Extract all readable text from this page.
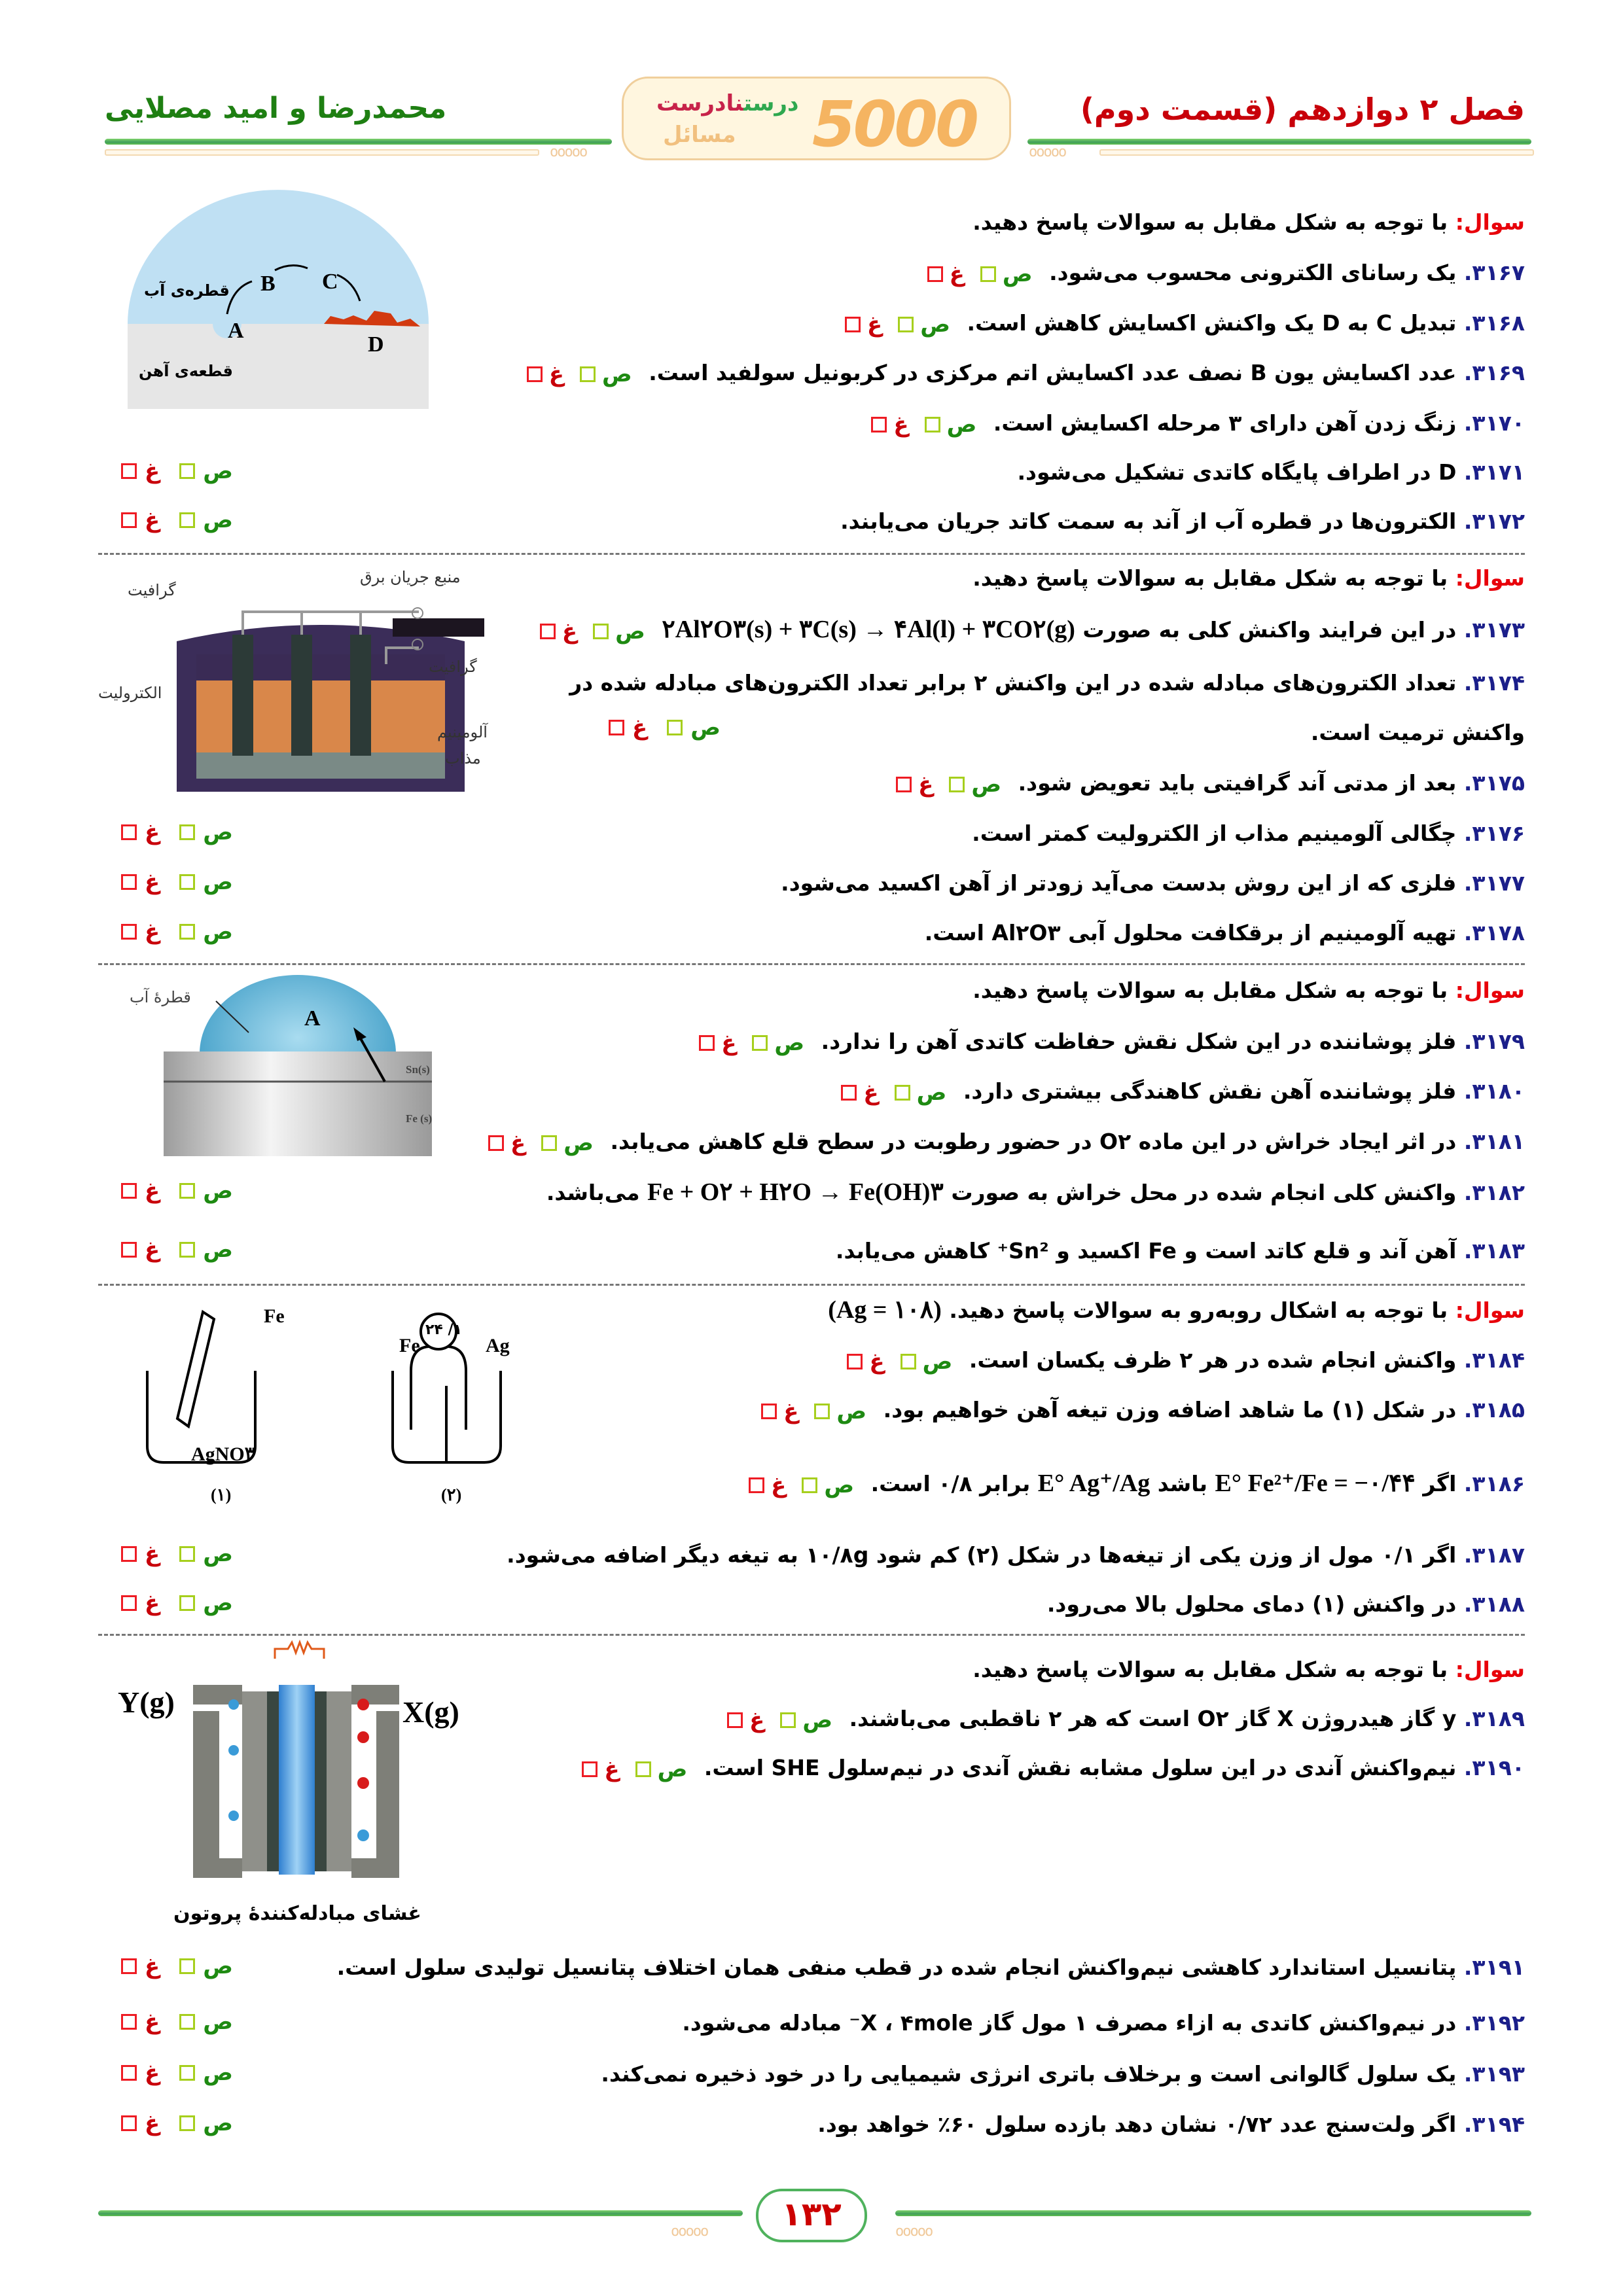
فصل ۲ دوازدهم (قسمت دوم)
محمدرضا و امید مصلایی
ooooo	ooooo
5000
درستنادرست
مسائل
A
B C
D
قطره‌ی آب
قطعه‌ی آهن
سوال: با توجه به شکل مقابل به سوالات پاسخ دهید.
۳۱۶۷. یک رسانای الکترونی محسوب می‌شود.
ص
غ
۳۱۶۸. تبدیل C به D یک واکنش اکسایش کاهش است.
ص
غ
۳۱۶۹. عدد اکسایش یون B نصف عدد اکسایش اتم مرکزی در کربونیل سولفید است.
ص
غ
۳۱۷۰. زنگ زدن آهن دارای ۳ مرحله اکسایش است.
ص
غ
۳۱۷۱. D در اطراف پایگاه کاتدی تشکیل می‌شود.
ص
غ
۳۱۷۲. الکترون‌ها در قطره آب از آند به سمت کاتد جریان می‌یابند.
ص
غ
منبع جریان برق
گرافیت
گرافیت
الکترولیت
آلومینیم
مذاب
سوال: با توجه به شکل مقابل به سوالات پاسخ دهید.
۳۱۷۳. در این فرایند واکنش کلی به صورت ۲Al۲O۳(s) + ۳C(s) → ۴Al(l) + ۳CO۲(g)
ص
غ
۳۱۷۴. تعداد الکترون‌های مبادله شده در این واکنش ۲ برابر تعداد الکترون‌های مبادله شده در
واکنش ترمیت است.
ص
غ
۳۱۷۵. بعد از مدتی آند گرافیتی باید تعویض شود.
ص
غ
۳۱۷۶. چگالی آلومینیم مذاب از الکترولیت کمتر است.
ص
غ
۳۱۷۷. فلزی که از این روش بدست می‌آید زودتر از آهن اکسید می‌شود.
ص
غ
۳۱۷۸. تهیه آلومینیم از برقکافت محلول آبی Al۲O۳ است.
ص
غ
A
قطرهٔ آب
Sn(s)
Fe (s)
سوال: با توجه به شکل مقابل به سوالات پاسخ دهید.
۳۱۷۹. فلز پوشاننده در این شکل نقش حفاظت کاتدی آهن را ندارد.
ص
غ
۳۱۸۰. فلز پوشاننده آهن نقش کاهندگی بیشتری دارد.
ص
غ
۳۱۸۱. در اثر ایجاد خراش در این ماده O۲ در حضور رطوبت در سطح قلع کاهش می‌یابد.
ص
غ
۳۱۸۲. واکنش کلی انجام شده در محل خراش به صورت Fe + O۲ + H۲O → Fe(OH)۳ می‌باشد.
ص
غ
۳۱۸۳. آهن آند و قلع کاتد است و Fe اکسید و Sn²⁺ کاهش می‌یابد.
ص
غ
Fe
AgNO۳
(۱)
Fe	Ag
۱/ ۲۴
(۲)
سوال: با توجه به اشکال روبه‌رو به سوالات پاسخ دهید. (Ag = ۱۰۸)
۳۱۸۴. واکنش انجام شده در هر ۲ ظرف یکسان است.
ص
غ
۳۱۸۵. در شکل (۱) ما شاهد اضافه وزن تیغه آهن خواهیم بود.
ص
غ
۳۱۸۶. اگر E° Fe²⁺/Fe = −۰/۴۴ باشد E° Ag⁺/Ag برابر ۰/۸ است.
ص
غ
۳۱۸۷. اگر ۰/۱ مول از وزن یکی از تیغه‌ها در شکل (۲) کم شود ۱۰/۸g به تیغه دیگر اضافه می‌شود.
ص
غ
۳۱۸۸. در واکنش (۱) دمای محلول بالا می‌رود.
ص
غ
Y(g)	X(g)
غشای مبادله‌کنندهٔ پروتون
سوال: با توجه به شکل مقابل به سوالات پاسخ دهید.
۳۱۸۹. y گاز هیدروژن X گاز O۲ است که هر ۲ ناقطبی می‌باشند.
ص
غ
۳۱۹۰. نیم‌واکنش آندی در این سلول مشابه نقش آندی در نیم‌سلول SHE است.
ص
غ
۳۱۹۱. پتانسیل استاندارد کاهشی نیم‌واکنش انجام شده در قطب منفی همان اختلاف پتانسیل تولیدی سلول است.
ص
غ
۳۱۹۲. در نیم‌واکنش کاتدی به ازاء مصرف ۱ مول گاز X ، ۴mole⁻ مبادله می‌شود.
ص
غ
۳۱۹۳. یک سلول گالوانی است و برخلاف باتری انرژی شیمیایی را در خود ذخیره نمی‌کند.
ص
غ
۳۱۹۴. اگر ولت‌سنج عدد ۰/۷۲ نشان دهد بازده سلول ۶۰٪ خواهد بود.
ص
غ
ooooo	ooooo
۱۳۲
